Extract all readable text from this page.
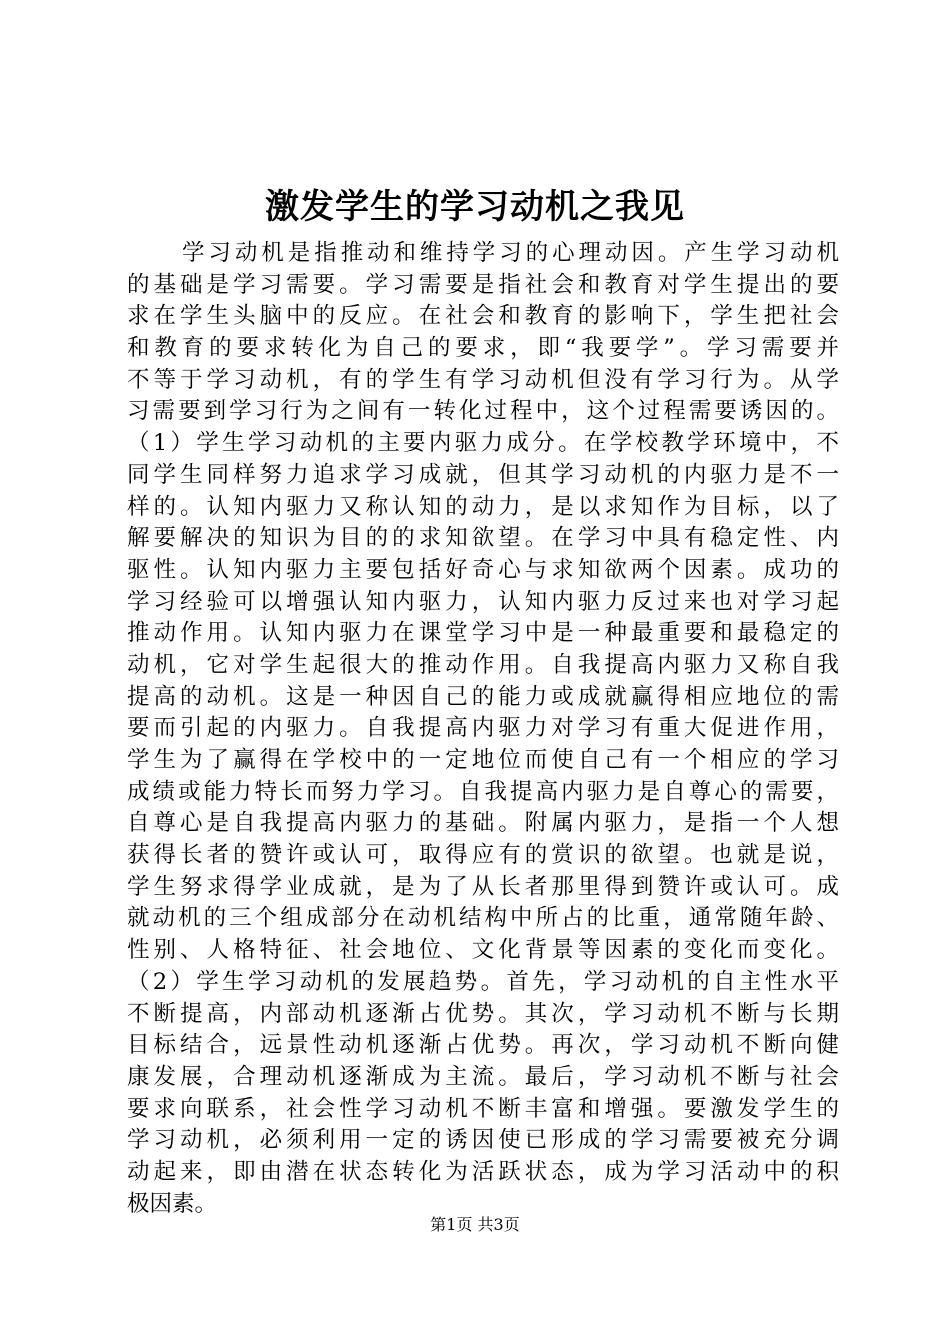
激发学生的学习动机之我见
学习动机是指推动和维持学习的心理动因。产生学习动机
的基础是学习需要。学习需要是指社会和教育对学生提出的要
求在学生头脑中的反应。在社会和教育的影响下，学生把社会
和教育的要求转化为自己的要求，即“我要学”。学习需要并
不等于学习动机，有的学生有学习动机但没有学习行为。从学
习需要到学习行为之间有一转化过程中，这个过程需要诱因的。
（1）学生学习动机的主要内驱力成分。在学校教学环境中，不
同学生同样努力追求学习成就，但其学习动机的内驱力是不一
样的。认知内驱力又称认知的动力，是以求知作为目标，以了
解要解决的知识为目的的求知欲望。在学习中具有稳定性、内
驱性。认知内驱力主要包括好奇心与求知欲两个因素。成功的
学习经验可以增强认知内驱力，认知内驱力反过来也对学习起
推动作用。认知内驱力在课堂学习中是一种最重要和最稳定的
动机，它对学生起很大的推动作用。自我提高内驱力又称自我
提高的动机。这是一种因自己的能力或成就赢得相应地位的需
要而引起的内驱力。自我提高内驱力对学习有重大促进作用，
学生为了赢得在学校中的一定地位而使自己有一个相应的学习
成绩或能力特长而努力学习。自我提高内驱力是自尊心的需要，
自尊心是自我提高内驱力的基础。附属内驱力，是指一个人想
获得长者的赞许或认可，取得应有的赏识的欲望。也就是说，
学生努求得学业成就，是为了从长者那里得到赞许或认可。成
就动机的三个组成部分在动机结构中所占的比重，通常随年龄、
性别、人格特征、社会地位、文化背景等因素的变化而变化。
（2）学生学习动机的发展趋势。首先，学习动机的自主性水平
不断提高，内部动机逐渐占优势。其次，学习动机不断与长期
目标结合，远景性动机逐渐占优势。再次，学习动机不断向健
康发展，合理动机逐渐成为主流。最后，学习动机不断与社会
要求向联系，社会性学习动机不断丰富和增强。要激发学生的
学习动机，必须利用一定的诱因使已形成的学习需要被充分调
动起来，即由潜在状态转化为活跃状态，成为学习活动中的积
极因素。
第1页 共3页
